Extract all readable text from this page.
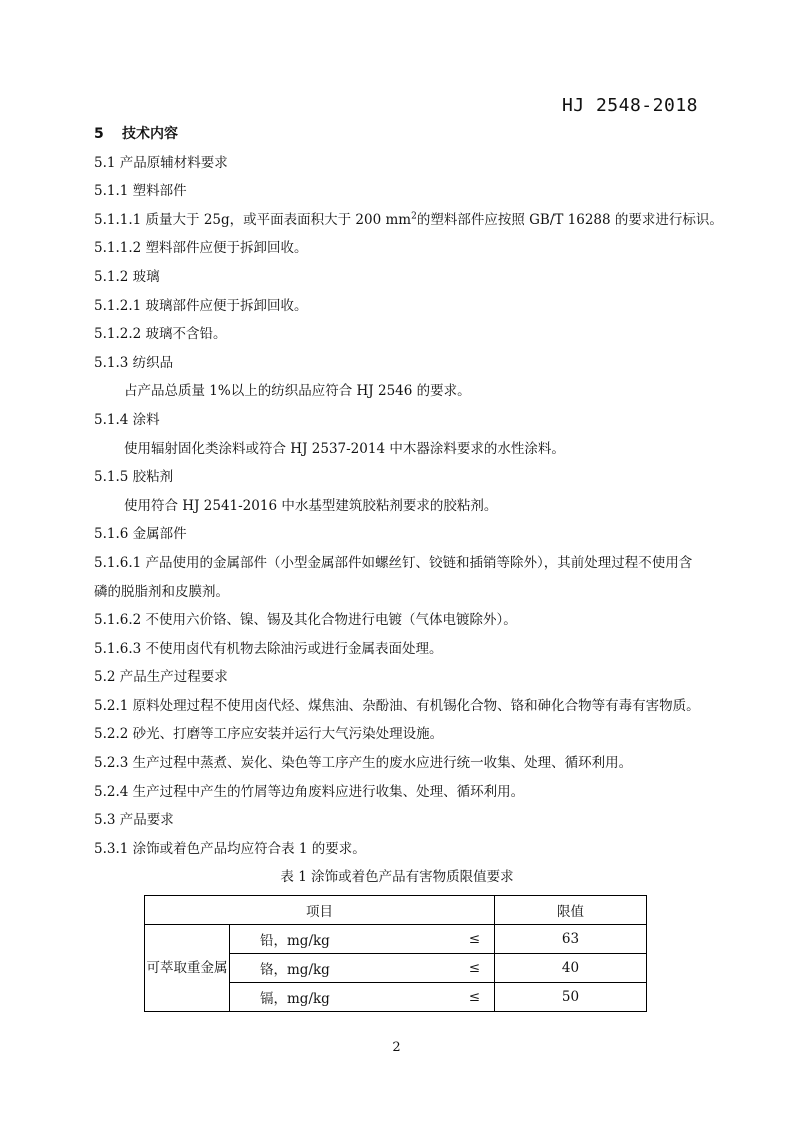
HJ 2548-2018
5 技术内容
5.1 产品原辅材料要求
5.1.1 塑料部件
5.1.1.1 质量大于 25g，或平面表面积大于 200 $mm^2$的塑料部件应按照 GB/T 16288 的要求进行标识。
5.1.1.2 塑料部件应便于拆卸回收。
5.1.2 玻璃
5.1.2.1 玻璃部件应便于拆卸回收。
5.1.2.2 玻璃不含铅。
5.1.3 纺织品
占产品总质量 1%以上的纺织品应符合 HJ 2546 的要求。
5.1.4 涂料
使用辐射固化类涂料或符合 HJ 2537-2014 中木器涂料要求的水性涂料。
5.1.5 胶粘剂
使用符合 HJ 2541-2016 中水基型建筑胶粘剂要求的胶粘剂。
5.1.6 金属部件
5.1.6.1 产品使用的金属部件（小型金属部件如螺丝钉、铰链和插销等除外），其前处理过程不使用含磷的脱脂剂和皮膜剂。
5.1.6.2 不使用六价铬、镍、锡及其化合物进行电镀（气体电镀除外）。
5.1.6.3 不使用卤代有机物去除油污或进行金属表面处理。
5.2 产品生产过程要求
5.2.1 原料处理过程不使用卤代烃、煤焦油、杂酚油、有机锡化合物、铬和砷化合物等有毒有害物质。
5.2.2 砂光、打磨等工序应安装并运行大气污染处理设施。
5.2.3 生产过程中蒸煮、炭化、染色等工序产生的废水应进行统一收集、处理、循环利用。
5.2.4 生产过程中产生的竹屑等边角废料应进行收集、处理、循环利用。
5.3 产品要求
5.3.1 涂饰或着色产品均应符合表 1 的要求。
表 1 涂饰或着色产品有害物质限值要求
项目			限值
可萃取重金属	铅，mg/kg	≤	63
	铬，mg/kg	≤	40
	镉，mg/kg	≤	50
2
